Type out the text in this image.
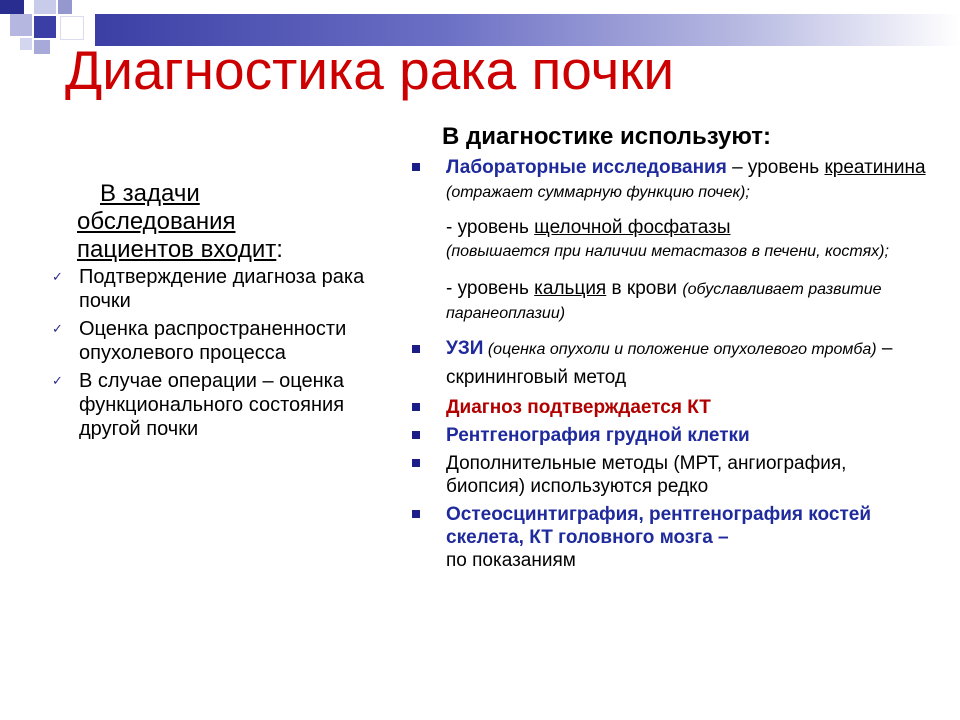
Диагностика рака почки
В задачи
обследования
пациентов входит:
✓ Подтверждение диагноза рака почки
✓ Оценка распространенности опухолевого процесса
✓ В случае операции – оценка функционального состояния другой почки
В диагностике используют:
Лабораторные исследования – уровень креатинина (отражает суммарную функцию почек);
- уровень щелочной фосфатазы
(повышается при наличии метастазов в печени, костях);
- уровень кальция в крови (обуславливает развитие паранеоплазии)
УЗИ (оценка опухоли и положение опухолевого тромба) – скрининговый метод
Диагноз подтверждается КТ
Рентгенография грудной клетки
Дополнительные методы (МРТ, ангиография, биопсия) используются редко
Остеосцинтиграфия, рентгенография костей скелета, КТ головного мозга –
по показаниям
